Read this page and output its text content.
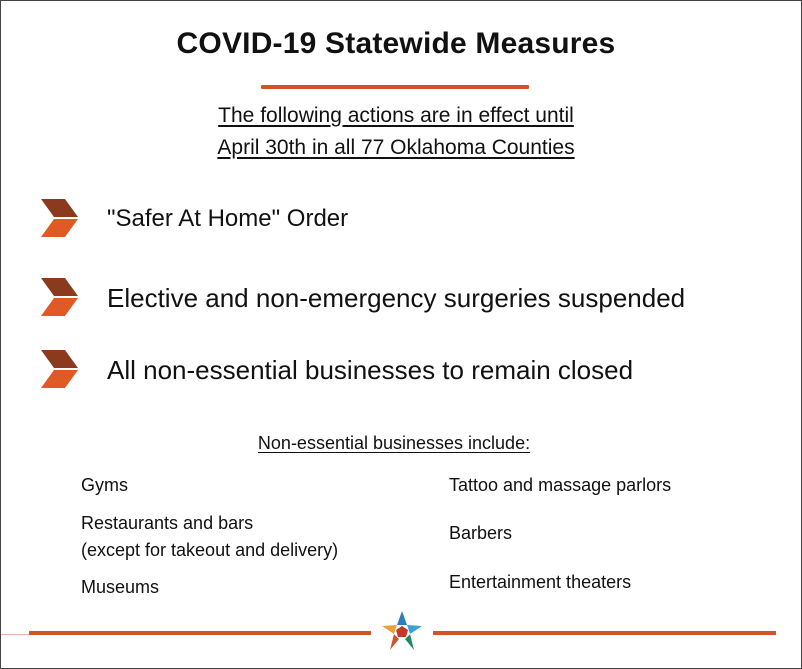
COVID-19 Statewide Measures
The following actions are in effect until
April 30th in all 77 Oklahoma Counties
"Safer At Home" Order
Elective and non-emergency surgeries suspended
All non-essential businesses to remain closed
Non-essential businesses include:
Gyms
Restaurants and bars
(except for takeout and delivery)
Museums
Tattoo and massage parlors
Barbers
Entertainment theaters
